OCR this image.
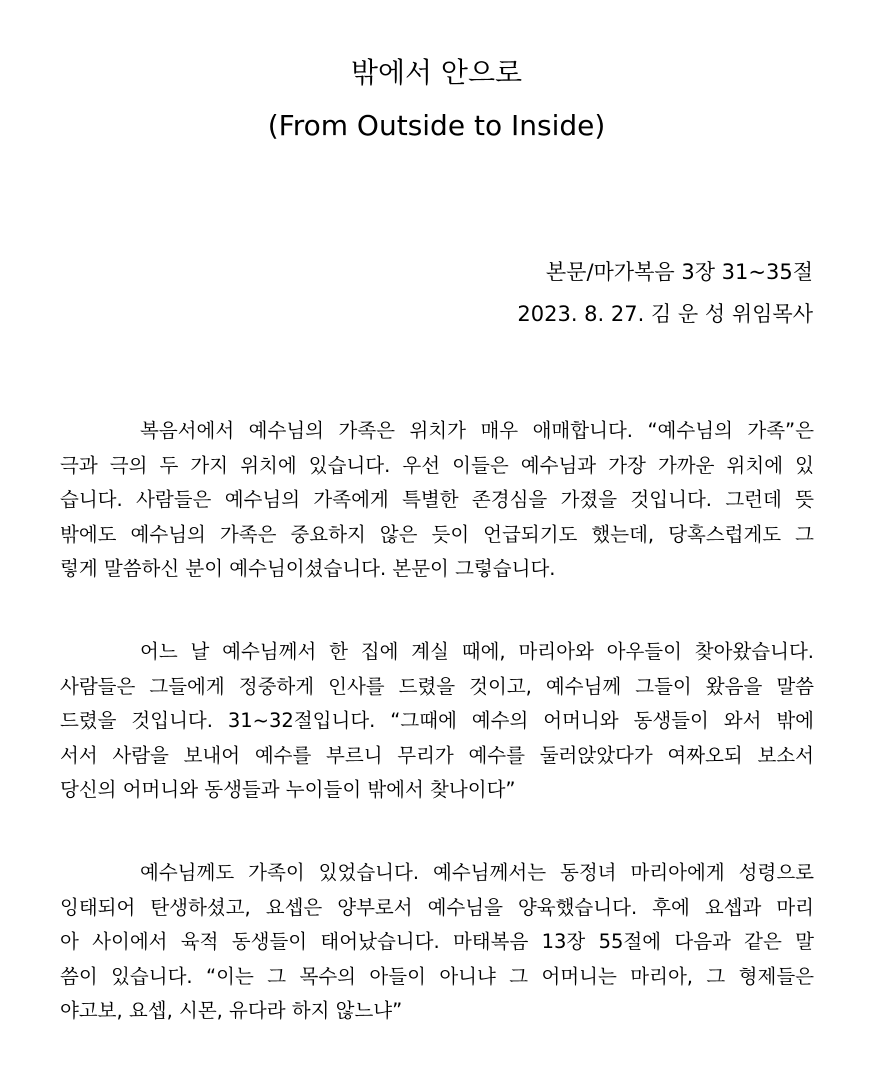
밖에서 안으로
(From Outside to Inside)
본문/마가복음 3장 31~35절
2023. 8. 27. 김 운 성 위임목사
복음서에서 예수님의 가족은 위치가 매우 애매합니다. “예수님의 가족”은
극과 극의 두 가지 위치에 있습니다. 우선 이들은 예수님과 가장 가까운 위치에 있
습니다. 사람들은 예수님의 가족에게 특별한 존경심을 가졌을 것입니다. 그런데 뜻
밖에도 예수님의 가족은 중요하지 않은 듯이 언급되기도 했는데, 당혹스럽게도 그
렇게 말씀하신 분이 예수님이셨습니다. 본문이 그렇습니다.
어느 날 예수님께서 한 집에 계실 때에, 마리아와 아우들이 찾아왔습니다.
사람들은 그들에게 정중하게 인사를 드렸을 것이고, 예수님께 그들이 왔음을 말씀
드렸을 것입니다. 31~32절입니다. “그때에 예수의 어머니와 동생들이 와서 밖에
서서 사람을 보내어 예수를 부르니 무리가 예수를 둘러앉았다가 여짜오되 보소서
당신의 어머니와 동생들과 누이들이 밖에서 찾나이다”
예수님께도 가족이 있었습니다. 예수님께서는 동정녀 마리아에게 성령으로
잉태되어 탄생하셨고, 요셉은 양부로서 예수님을 양육했습니다. 후에 요셉과 마리
아 사이에서 육적 동생들이 태어났습니다. 마태복음 13장 55절에 다음과 같은 말
씀이 있습니다. “이는 그 목수의 아들이 아니냐 그 어머니는 마리아, 그 형제들은
야고보, 요셉, 시몬, 유다라 하지 않느냐”
